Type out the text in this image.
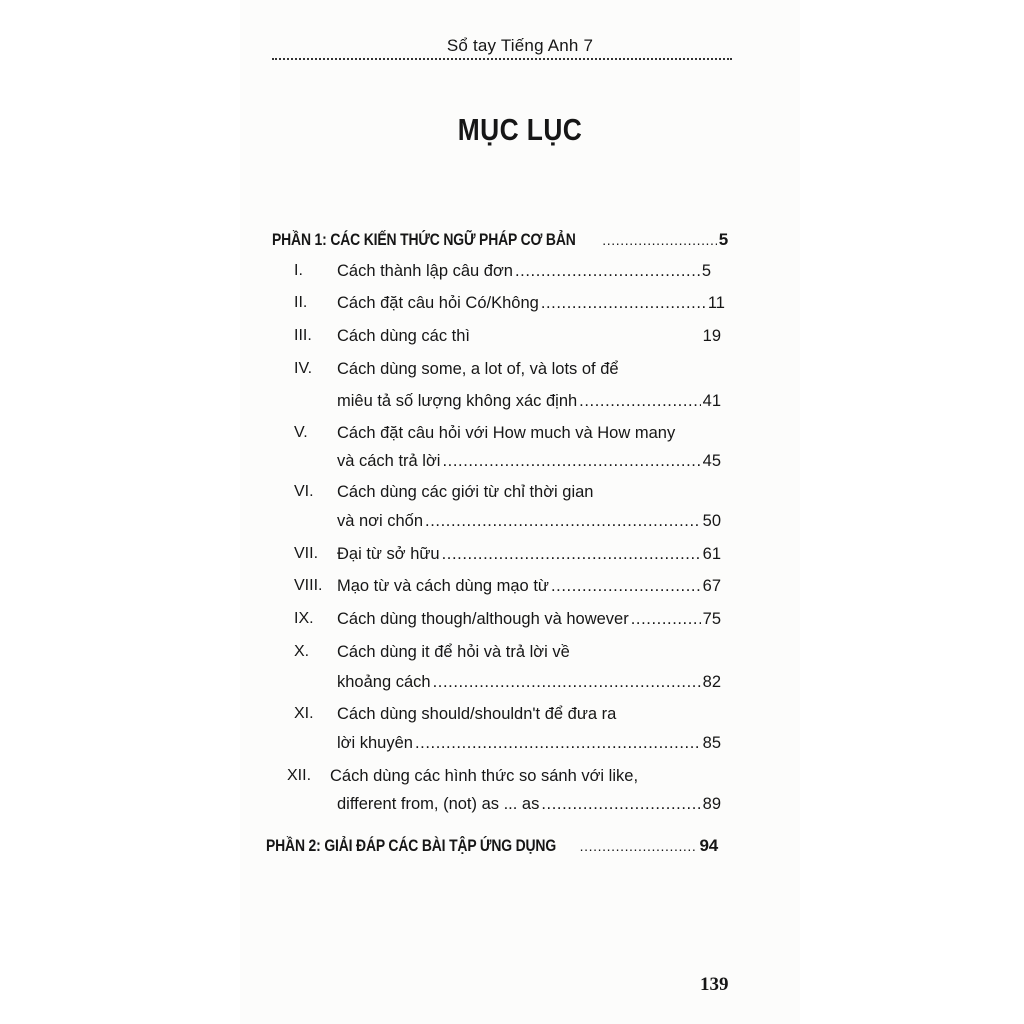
Sổ tay Tiếng Anh 7
MỤC LỤC
PHẦN 1: CÁC KIẾN THỨC NGỮ PHÁP CƠ BẢN .....	5
I. Cách thành lập câu đơn .....	5
II. Cách đặt câu hỏi Có/Không .....	11
III. Cách dùng các thì	19
IV. Cách dùng some, a lot of, và lots of để
miêu tả số lượng không xác định .....	41
V. Cách đặt câu hỏi với How much và How many
và cách trả lời .....	45
VI. Cách dùng các giới từ chỉ thời gian
và nơi chốn .....	50
VII. Đại từ sở hữu .....	61
VIII. Mạo từ và cách dùng mạo từ .....	67
IX. Cách dùng though/although và however .....	75
X. Cách dùng it để hỏi và trả lời về
khoảng cách .....	82
XI. Cách dùng should/shouldn't để đưa ra
lời khuyên .....	85
XII. Cách dùng các hình thức so sánh với like,
different from, (not) as ... as .....	89
PHẦN 2: GIẢI ĐÁP CÁC BÀI TẬP ỨNG DỤNG .....	94
139
